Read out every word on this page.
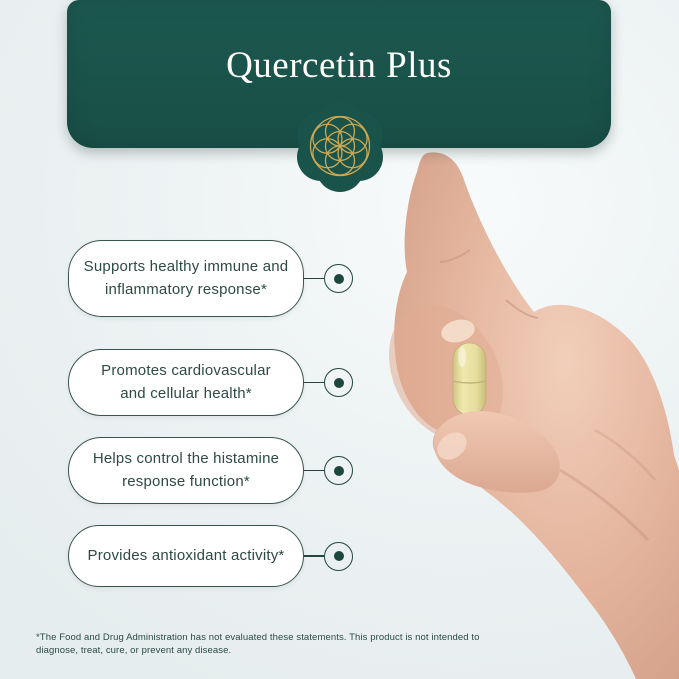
Quercetin Plus
Supports healthy immune and
inflammatory response*
Promotes cardiovascular
and cellular health*
Helps control the histamine
response function*
Provides antioxidant activity*
*The Food and Drug Administration has not evaluated these statements. This product is not intended to diagnose, treat, cure, or prevent any disease.
